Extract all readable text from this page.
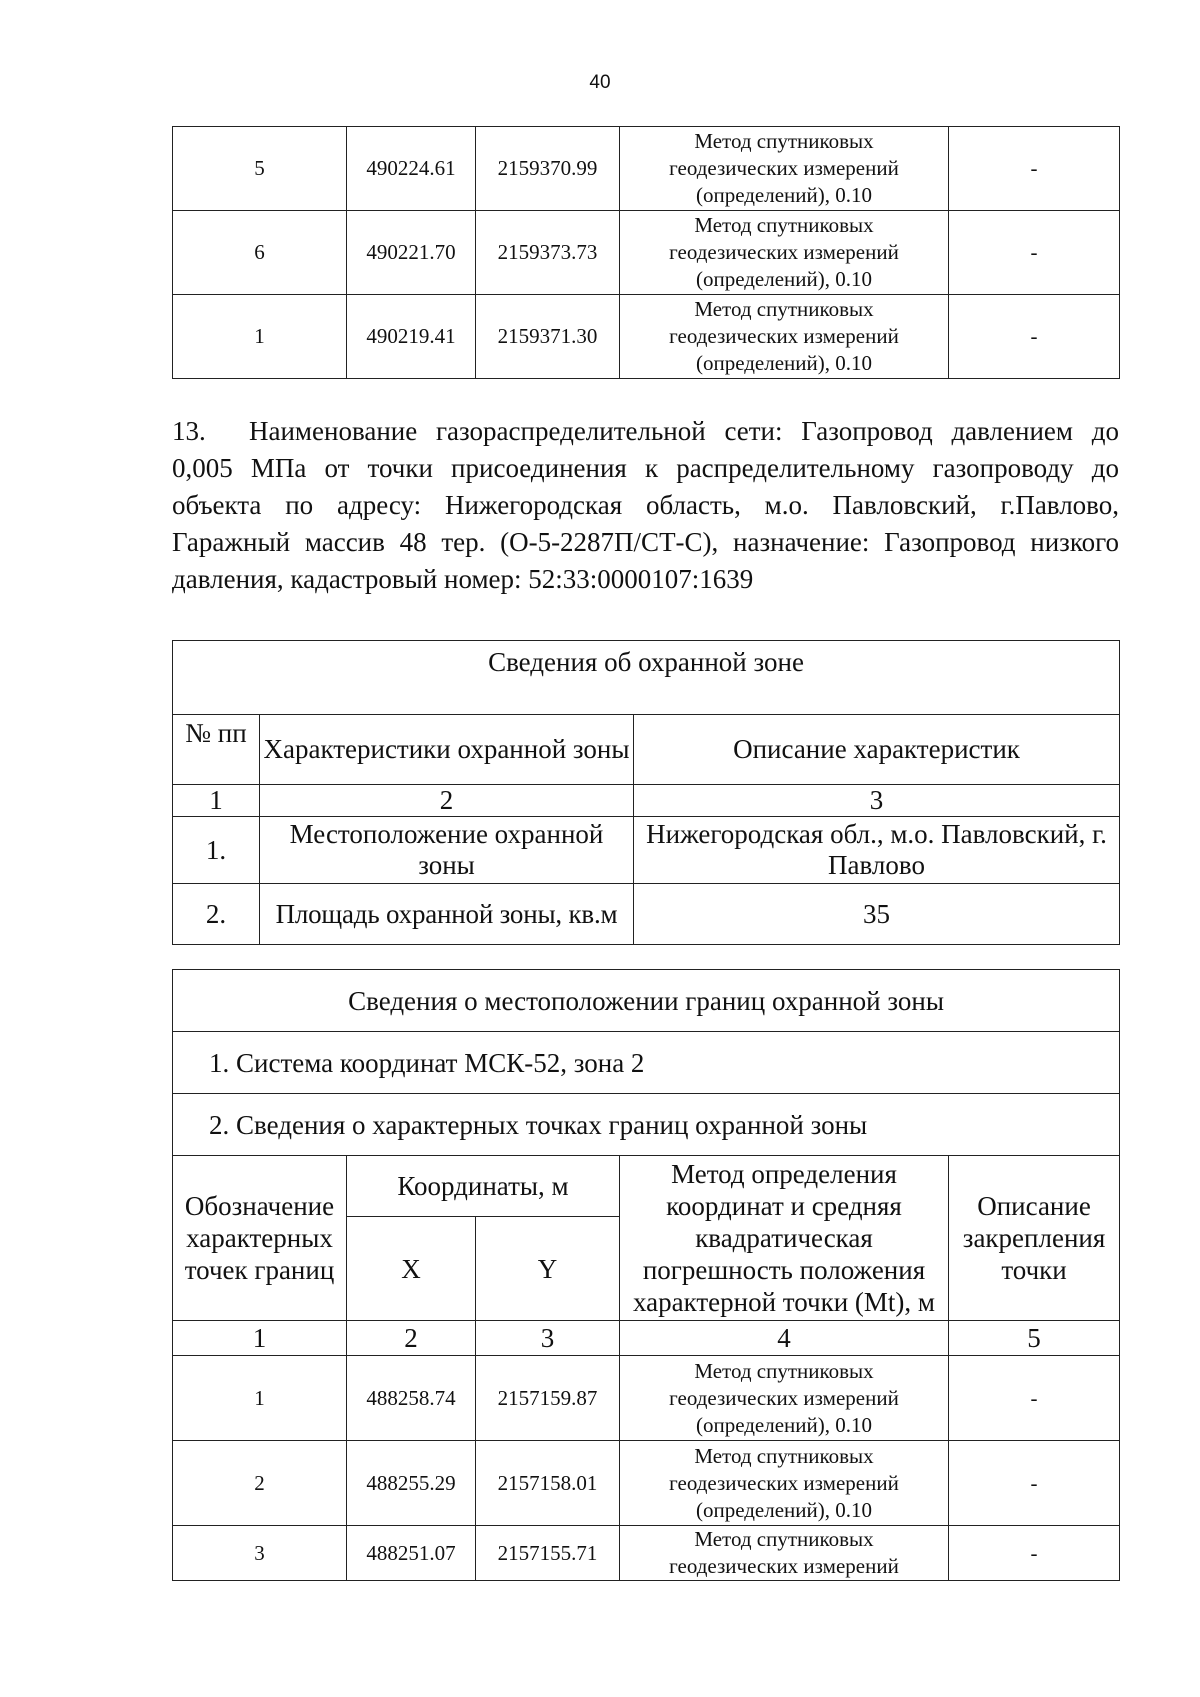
40
5	490224.61	2159370.99	Метод спутниковых
геодезических измерений
(определений), 0.10	-
6	490221.70	2159373.73	Метод спутниковых
геодезических измерений
(определений), 0.10	-
1	490219.41	2159371.30	Метод спутниковых
геодезических измерений
(определений), 0.10	-
13. Наименование газораспределительной сети: Газопровод давлением до 0,005 МПа от точки присоединения к распределительному газопроводу до объекта по адресу: Нижегородская область, м.о. Павловский, г.Павлово, Гаражный массив 48 тер. (О-5-2287П/СТ-С), назначение: Газопровод низкого давления, кадастровый номер: 52:33:0000107:1639
Сведения об охранной зоне		
№ пп	Характеристики охранной зоны	Описание характеристик
1	2	3
1.	Местоположение охранной зоны	Нижегородская обл., м.о. Павловский, г. Павлово
2.	Площадь охранной зоны, кв.м	35
Сведения о местоположении границ охранной зоны				
1. Система координат МСК-52, зона 2				
2. Сведения о характерных точках границ охранной зоны				
Обозначение характерных точек границ	Координаты, м		Метод определения координат и средняя квадратическая погрешность положения характерной точки (Mt), м	Описание закрепления точки
	X	Y		
1	2	3	4	5
1	488258.74	2157159.87	Метод спутниковых
геодезических измерений
(определений), 0.10	-
2	488255.29	2157158.01	Метод спутниковых
геодезических измерений
(определений), 0.10	-
3	488251.07	2157155.71	Метод спутниковых
геодезических измерений	-
